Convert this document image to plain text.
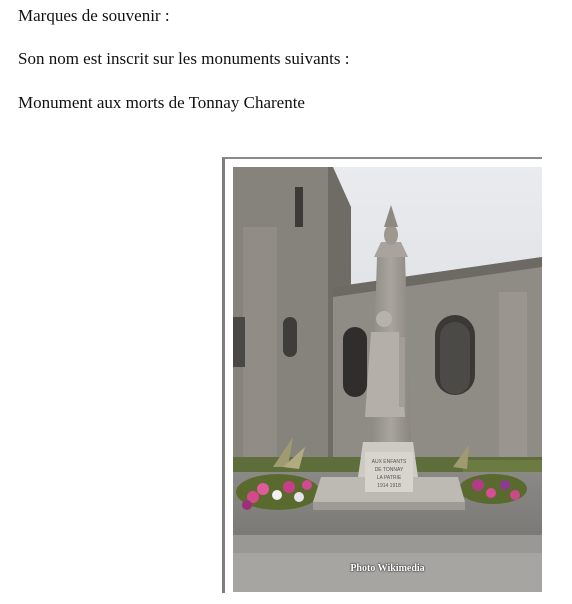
Marques de souvenir :
Son nom est inscrit sur les monuments suivants :
Monument aux morts de Tonnay Charente
AUX ENFANTS
DE TONNAY
LA PATRIE
1914 1918
Photo Wikimedia
